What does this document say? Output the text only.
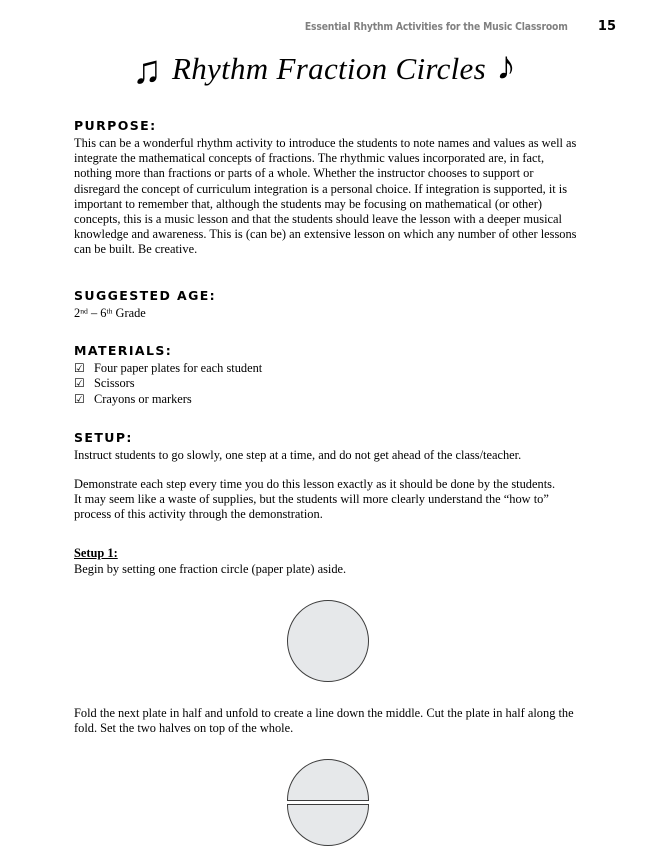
Essential Rhythm Activities for the Music Classroom 15
♫ Rhythm Fraction Circles ♪
PURPOSE:

This can be a wonderful rhythm activity to introduce the students to note names and values as well as integrate the mathematical concepts of fractions. The rhythmic values incorporated are, in fact, nothing more than fractions or parts of a whole. Whether the instructor chooses to support or disregard the concept of curriculum integration is a personal choice. If integration is supported, it is important to remember that, although the students may be focusing on mathematical (or other) concepts, this is a music lesson and that the students should leave the lesson with a deeper musical knowledge and awareness. This is (can be) an extensive lesson on which any number of other lessons can be built. Be creative.

SUGGESTED AGE:

2nd – 6th Grade

MATERIALS:
☑ Four paper plates for each student
☑ Scissors
☑ Crayons or markers
SETUP:

Instruct students to go slowly, one step at a time, and do not get ahead of the class/teacher.

Demonstrate each step every time you do this lesson exactly as it should be done by the students.

It may seem like a waste of supplies, but the students will more clearly understand the “how to” process of this activity through the demonstration.

Setup 1:

Begin by setting one fraction circle (paper plate) aside.

Fold the next plate in half and unfold to create a line down the middle. Cut the plate in half along the fold. Set the two halves on top of the whole.
